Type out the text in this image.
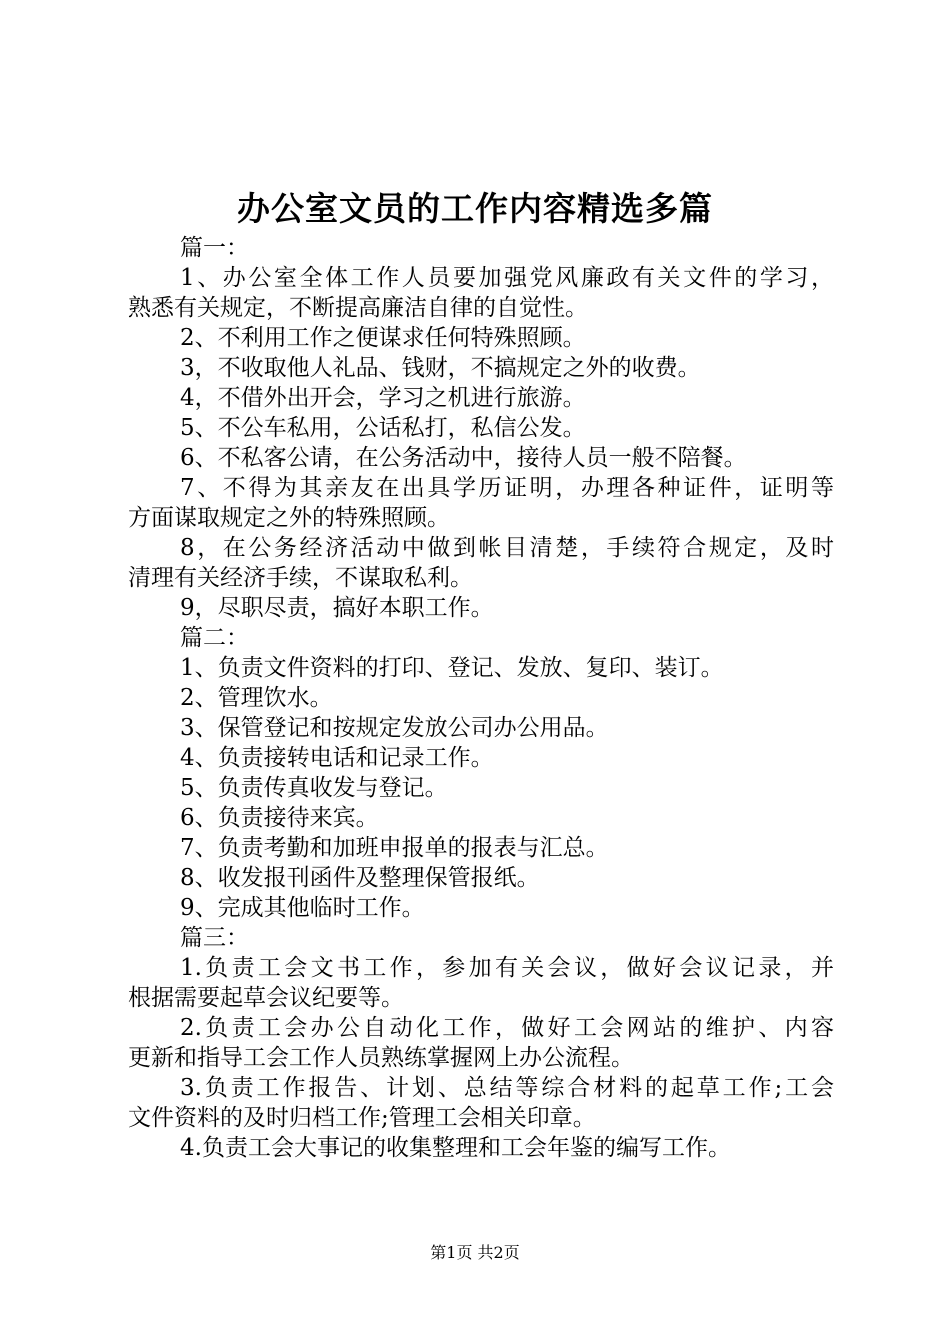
办公室文员的工作内容精选多篇
篇一：
1、办公室全体工作人员要加强党风廉政有关文件的学习，
熟悉有关规定，不断提高廉洁自律的自觉性。
2、不利用工作之便谋求任何特殊照顾。
3，不收取他人礼品、钱财，不搞规定之外的收费。
4，不借外出开会，学习之机进行旅游。
5、不公车私用，公话私打，私信公发。
6、不私客公请，在公务活动中，接待人员一般不陪餐。
7、不得为其亲友在出具学历证明，办理各种证件，证明等
方面谋取规定之外的特殊照顾。
8，在公务经济活动中做到帐目清楚，手续符合规定，及时
清理有关经济手续，不谋取私利。
9，尽职尽责，搞好本职工作。
篇二：
1、负责文件资料的打印、登记、发放、复印、装订。
2、管理饮水。
3、保管登记和按规定发放公司办公用品。
4、负责接转电话和记录工作。
5、负责传真收发与登记。
6、负责接待来宾。
7、负责考勤和加班申报单的报表与汇总。
8、收发报刊函件及整理保管报纸。
9、完成其他临时工作。
篇三：
1.负责工会文书工作，参加有关会议，做好会议记录，并
根据需要起草会议纪要等。
2.负责工会办公自动化工作，做好工会网站的维护、内容
更新和指导工会工作人员熟练掌握网上办公流程。
3.负责工作报告、计划、总结等综合材料的起草工作;工会
文件资料的及时归档工作;管理工会相关印章。
4.负责工会大事记的收集整理和工会年鉴的编写工作。
第1页 共2页
